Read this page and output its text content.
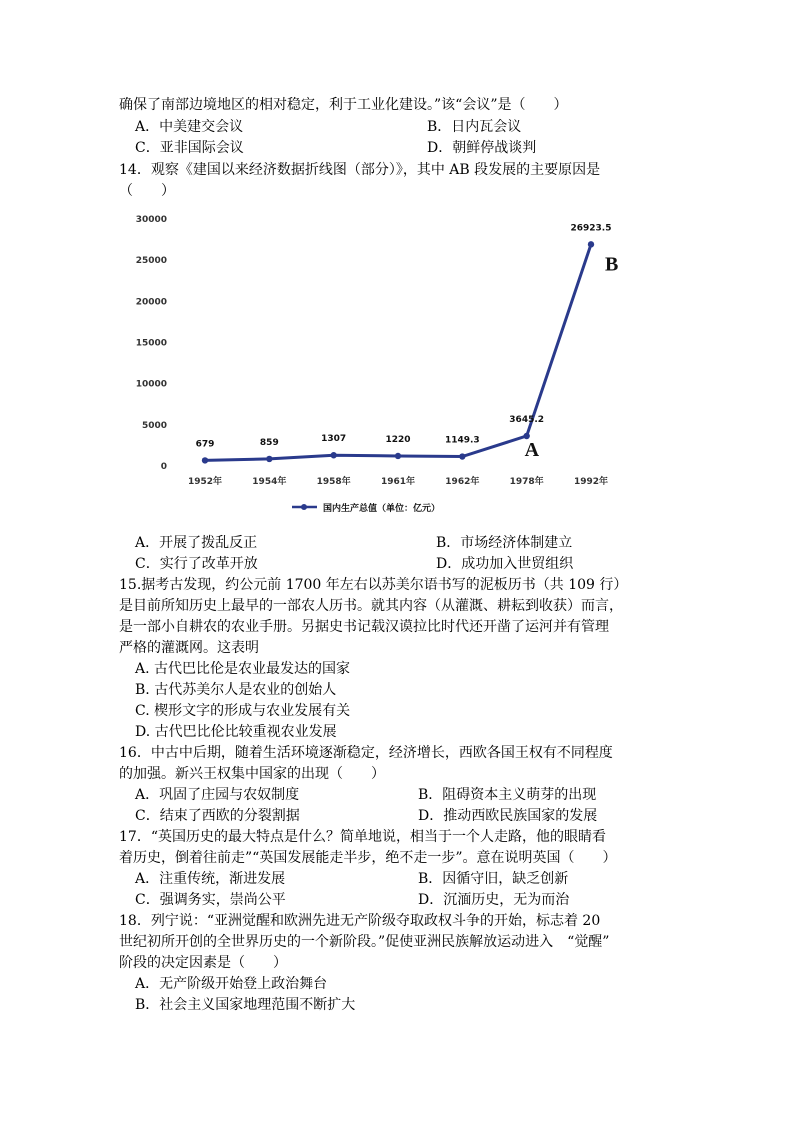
确保了南部边境地区的相对稳定，利于工业化建设。”该“会议”是（　　）
A．中美建交会议	B．日内瓦会议
C．亚非国际会议	D．朝鲜停战谈判
14．观察《建国以来经济数据折线图（部分）》，其中 AB 段发展的主要原因是
（　　）
0
5000
10000
15000
20000
25000
30000
1952年	1954年	1958年	1961年	1962年	1978年	1992年
679	859	1307	1220	1149.3
3645.2
26923.5
A
B
国内生产总值（单位：亿元）
A．开展了拨乱反正	B．市场经济体制建立
C．实行了改革开放	D．成功加入世贸组织
15.据考古发现，约公元前 1700 年左右以苏美尔语书写的泥板历书（共 109 行）
是目前所知历史上最早的一部农人历书。就其内容（从灌溉、耕耘到收获）而言，
是一部小自耕农的农业手册。另据史书记载汉谟拉比时代还开凿了运河并有管理
严格的灌溉网。这表明
A. 古代巴比伦是农业最发达的国家
B. 古代苏美尔人是农业的创始人
C. 楔形文字的形成与农业发展有关
D. 古代巴比伦比较重视农业发展
16．中古中后期，随着生活环境逐渐稳定，经济增长，西欧各国王权有不同程度
的加强。新兴王权集中国家的出现（　　）
A．巩固了庄园与农奴制度	B．阻碍资本主义萌芽的出现
C．结束了西欧的分裂割据	D．推动西欧民族国家的发展
17．“英国历史的最大特点是什么？简单地说，相当于一个人走路，他的眼睛看
着历史，倒着往前走”“英国发展能走半步，绝不走一步”。意在说明英国（　　）
A．注重传统，渐进发展	B．因循守旧，缺乏创新
C．强调务实，崇尚公平	D．沉湎历史，无为而治
18．列宁说：“亚洲觉醒和欧洲先进无产阶级夺取政权斗争的开始，标志着 20
世纪初所开创的全世界历史的一个新阶段。”促使亚洲民族解放运动进入　“觉醒”
阶段的决定因素是（　　）
A．无产阶级开始登上政治舞台
B．社会主义国家地理范围不断扩大
